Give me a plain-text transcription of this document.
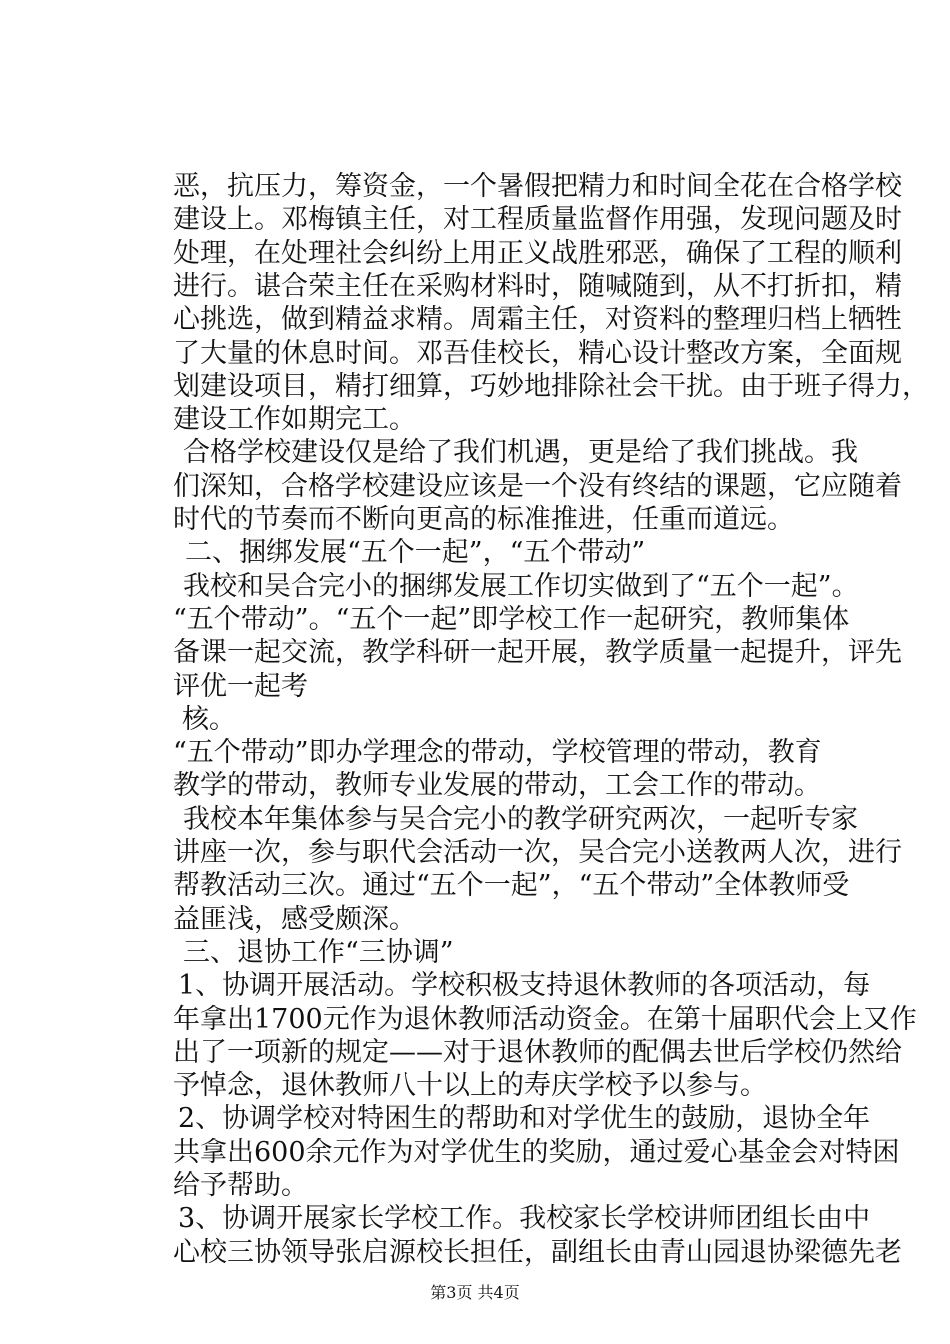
恶，抗压力，筹资金，一个暑假把精力和时间全花在合格学校
建设上。邓梅镇主任，对工程质量监督作用强，发现问题及时
处理，在处理社会纠纷上用正义战胜邪恶，确保了工程的顺利
进行。谌合荣主任在采购材料时，随喊随到，从不打折扣，精
心挑选，做到精益求精。周霜主任，对资料的整理归档上牺牲
了大量的休息时间。邓吾佳校长，精心设计整改方案，全面规
划建设项目，精打细算，巧妙地排除社会干扰。由于班子得力，
建设工作如期完工。
合格学校建设仅是给了我们机遇，更是给了我们挑战。我
们深知，合格学校建设应该是一个没有终结的课题，它应随着
时代的节奏而不断向更高的标准推进，任重而道远。
二、捆绑发展“五个一起”，“五个带动”
我校和吴合完小的捆绑发展工作切实做到了“五个一起”。
“五个带动”。“五个一起”即学校工作一起研究，教师集体
备课一起交流，教学科研一起开展，教学质量一起提升，评先
评优一起考
核。
“五个带动”即办学理念的带动，学校管理的带动，教育
教学的带动，教师专业发展的带动，工会工作的带动。
我校本年集体参与吴合完小的教学研究两次，一起听专家
讲座一次，参与职代会活动一次，吴合完小送教两人次，进行
帮教活动三次。通过“五个一起”，“五个带动”全体教师受
益匪浅，感受颇深。
三、退协工作“三协调”
1、协调开展活动。学校积极支持退休教师的各项活动，每
年拿出1700元作为退休教师活动资金。在第十届职代会上又作
出了一项新的规定——对于退休教师的配偶去世后学校仍然给
予悼念，退休教师八十以上的寿庆学校予以参与。
2、协调学校对特困生的帮助和对学优生的鼓励，退协全年
共拿出600余元作为对学优生的奖励，通过爱心基金会对特困
给予帮助。
3、协调开展家长学校工作。我校家长学校讲师团组长由中
心校三协领导张启源校长担任，副组长由青山园退协梁德先老
第3页 共4页
